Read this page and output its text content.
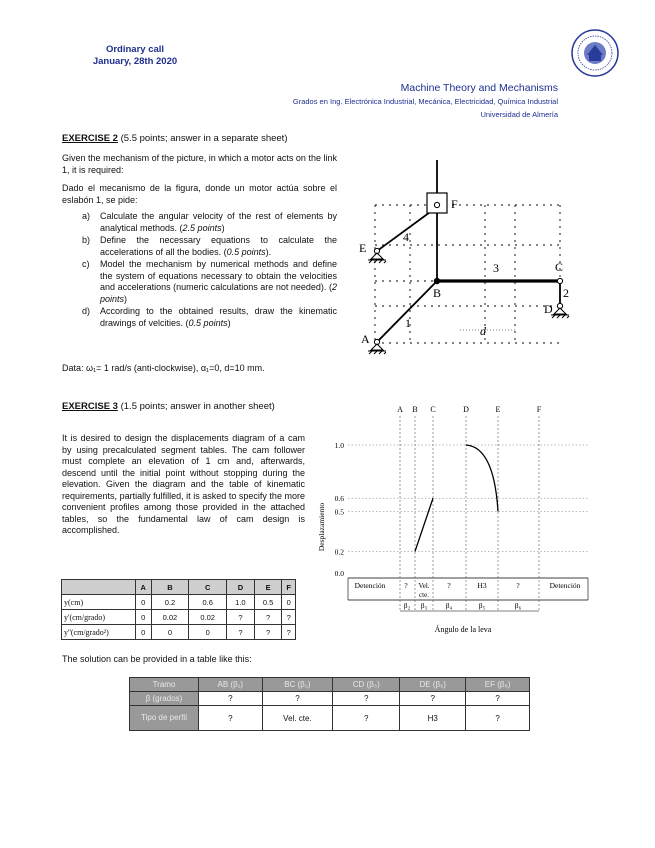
Ordinary call
January, 28th 2020
Machine Theory and Mechanisms
Grados en Ing. Electrónica Industrial, Mecánica, Electricidad, Química Industrial
Universidad de Almería
EXERCISE 2 (5.5 points; answer in a separate sheet)
Given the mechanism of the picture, in which a motor acts on the link 1, it is required:
Dado el mecanismo de la figura, donde un motor actúa sobre el eslabón 1, se pide:
a) Calculate the angular velocity of the rest of elements by analytical methods. (2.5 points)
b) Define the necessary equations to calculate the accelerations of all the bodies. (0.5 points).
c) Model the mechanism by numerical methods and define the system of equations necessary to obtain the velocities and accelerations (numeric calculations are not needed). (2 points)
d) According to the obtained results, draw the kinematic drawings of velcities. (0.5 points)
Data: ω₁= 1 rad/s (anti-clockwise), α₁=0, d=10 mm.
A
B
C
D
E
F
1
2
3
4
d
EXERCISE 3 (1.5 points; answer in another sheet)
It is desired to design the displacements diagram of a cam by using precalculated segment tables. The cam follower must complete an elevation of 1 cm and, afterwards, descend until the initial point without stopping during the elevation. Given the diagram and the table of kinematic requirements, partially fulfilled, it is asked to specify the more convenient profiles among those provided in the attached tables, so the fundamental law of cam design is accomplished.
	A	B	C	D	E	F
y(cm)	0	0.2	0.6	1.0	0.5	0
y'(cm/grado)	0	0.02	0.02	?	?	?
y''(cm/grado²)	0	0	0	?	?	?
Desplazamiento
Ángulo de la leva
A B C	D	E	F
1.0
0.6
0.5
0.2
0.0
Detención	? Vel.
cte.
?	H3	?	Detención
β₂ β₃ β₄	β₅	β₆
The solution can be provided in a table like this:
Tramo	AB (β₁)	BC (β₂)	CD (β₃)	DE (β₅)	EF (β₆)
β (grados)	?	?	?	?	?
Tipo de perfil	?	Vel. cte.	?	H3	?
